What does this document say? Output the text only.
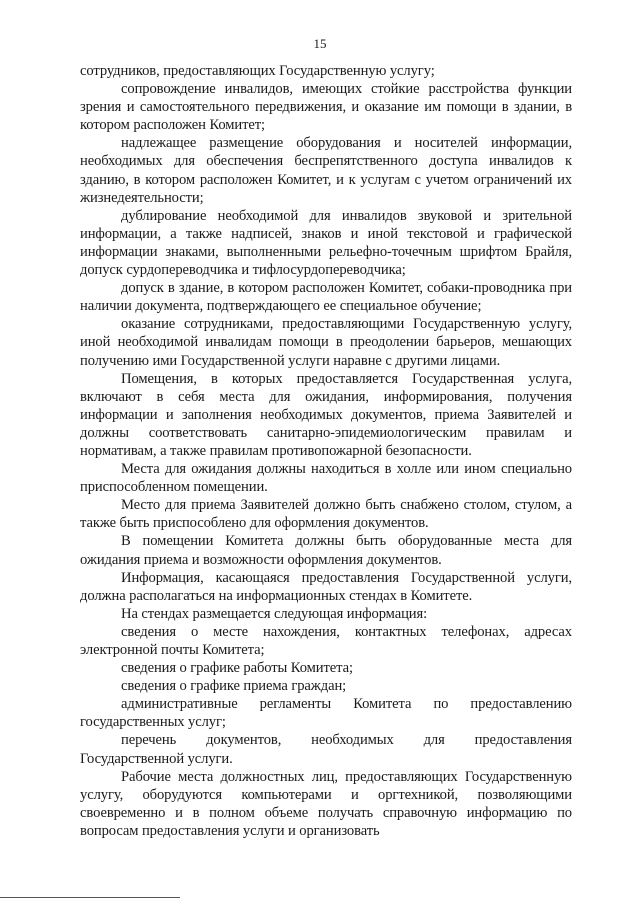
15

сотрудников, предоставляющих Государственную услугу;

сопровождение инвалидов, имеющих стойкие расстройства функции зрения и самостоятельного передвижения, и оказание им помощи в здании, в котором расположен Комитет;

надлежащее размещение оборудования и носителей информации, необходимых для обеспечения беспрепятственного доступа инвалидов к зданию, в котором расположен Комитет, и к услугам с учетом ограничений их жизнедеятельности;

дублирование необходимой для инвалидов звуковой и зрительной информации, а также надписей, знаков и иной текстовой и графической информации знаками, выполненными рельефно-точечным шрифтом Брайля, допуск сурдопереводчика и тифлосурдопереводчика;

допуск в здание, в котором расположен Комитет, собаки-проводника при наличии документа, подтверждающего ее специальное обучение;

оказание сотрудниками, предоставляющими Государственную услугу, иной необходимой инвалидам помощи в преодолении барьеров, мешающих получению ими Государственной услуги наравне с другими лицами.

Помещения, в которых предоставляется Государственная услуга, включают в себя места для ожидания, информирования, получения информации и заполнения необходимых документов, приема Заявителей и должны соответствовать санитарно-эпидемиологическим правилам и нормативам, а также правилам противопожарной безопасности.

Места для ожидания должны находиться в холле или ином специально приспособленном помещении.

Место для приема Заявителей должно быть снабжено столом, стулом, а также быть приспособлено для оформления документов.

В помещении Комитета должны быть оборудованные места для ожидания приема и возможности оформления документов.

Информация, касающаяся предоставления Государственной услуги, должна располагаться на информационных стендах в Комитете.

На стендах размещается следующая информация:

сведения о месте нахождения, контактных телефонах, адресах электронной почты Комитета;

сведения о графике работы Комитета;

сведения о графике приема граждан;

административные регламенты Комитета по предоставлению государственных услуг;

перечень документов, необходимых для предоставления Государственной услуги.

Рабочие места должностных лиц, предоставляющих Государственную услугу, оборудуются компьютерами и оргтехникой, позволяющими своевременно и в полном объеме получать справочную информацию по вопросам предоставления услуги и организовать
